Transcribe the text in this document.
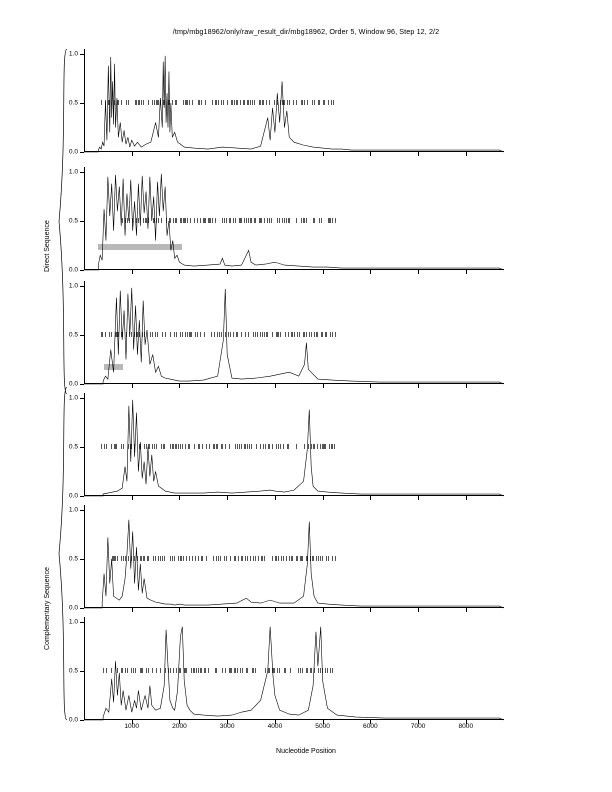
/tmp/mbg18962/only/raw_result_dir/mbg18962, Order 5, Window 96, Step 12, 2/2
Direct Sequence
Complementary Sequence
0.0
0.5
1.0
0.0
0.5
1.0
0.0
0.5
1.0
0.0
0.5
1.0
0.0
0.5
1.0
0.0
0.5
1.0
1000	2000	3000	4000	5000	6000	7000	8000
Nucleotide Position
